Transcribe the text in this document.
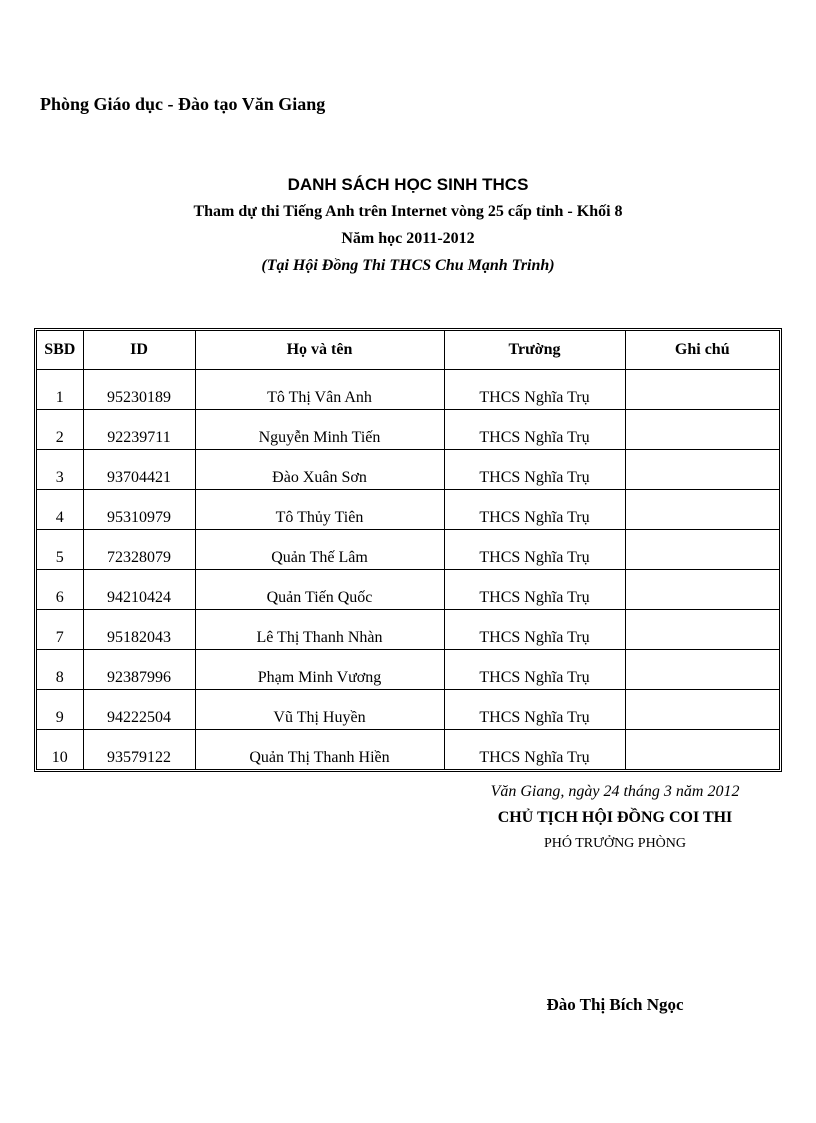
Phòng Giáo dục - Đào tạo Văn Giang
DANH SÁCH HỌC SINH THCS
Tham dự thi Tiếng Anh trên Internet vòng 25 cấp tỉnh - Khối 8
Năm học 2011-2012
(Tại Hội Đồng Thi THCS Chu Mạnh Trinh)
SBD	ID	Họ và tên	Trường	Ghi chú
1	95230189	Tô Thị Vân Anh	THCS Nghĩa Trụ	
2	92239711	Nguyễn Minh Tiến	THCS Nghĩa Trụ	
3	93704421	Đào Xuân Sơn	THCS Nghĩa Trụ	
4	95310979	Tô Thủy Tiên	THCS Nghĩa Trụ	
5	72328079	Quản Thế Lâm	THCS Nghĩa Trụ	
6	94210424	Quản Tiến Quốc	THCS Nghĩa Trụ	
7	95182043	Lê Thị Thanh Nhàn	THCS Nghĩa Trụ	
8	92387996	Phạm Minh Vương	THCS Nghĩa Trụ	
9	94222504	Vũ Thị Huyền	THCS Nghĩa Trụ	
10	93579122	Quản Thị Thanh Hiền	THCS Nghĩa Trụ	
Văn Giang, ngày 24 tháng 3 năm 2012
CHỦ TỊCH HỘI ĐỒNG COI THI
PHÓ TRƯỞNG PHÒNG
Đào Thị Bích Ngọc
